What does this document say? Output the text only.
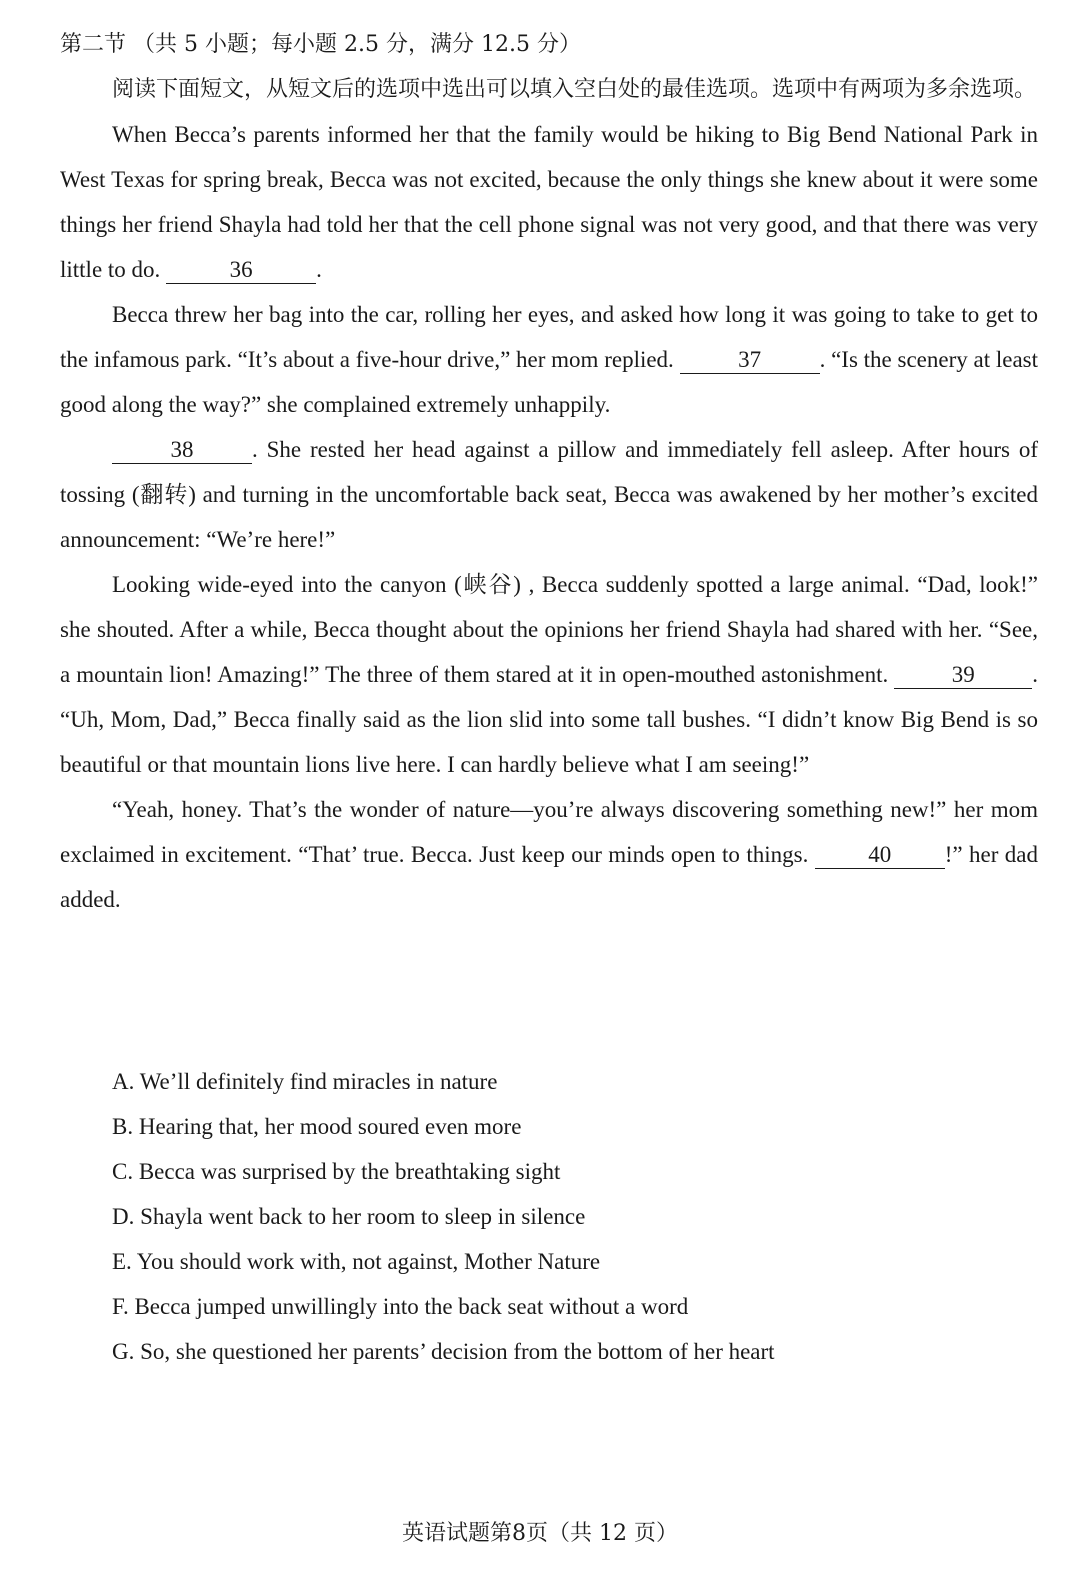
第二节 （共 5 小题；每小题 2.5 分，满分 12.5 分）

阅读下面短文，从短文后的选项中选出可以填入空白处的最佳选项。选项中有两项为多余选项。

When Becca’s parents informed her that the family would be hiking to Big Bend National Park in West Texas for spring break, Becca was not excited, because the only things she knew about it were some things her friend Shayla had told her that the cell phone signal was not very good, and that there was very little to do.	36	.

Becca threw her bag into the car, rolling her eyes, and asked how long it was going to take to get to the infamous park. “It’s about a five-hour drive,” her mom replied.	37	. “Is the scenery at least good along the way?” she complained extremely unhappily.

38	. She rested her head against a pillow and immediately fell asleep. After hours of tossing (翻转) and turning in the uncomfortable back seat, Becca was awakened by her mother’s excited announcement: “We’re here!”

Looking wide-eyed into the canyon (峡谷) , Becca suddenly spotted a large animal. “Dad, look!” she shouted. After a while, Becca thought about the opinions her friend Shayla had shared with her. “See, a mountain lion! Amazing!” The three of them stared at it in open-mouthed astonishment.	39	. “Uh, Mom, Dad,” Becca finally said as the lion slid into some tall bushes. “I didn’t know Big Bend is so beautiful or that mountain lions live here. I can hardly believe what I am seeing!”

“Yeah, honey. That’s the wonder of nature—you’re always discovering something new!” her mom exclaimed in excitement. “That’ true. Becca. Just keep our minds open to things.	40 !” her dad added.

A. We’ll definitely find miracles in nature
B. Hearing that, her mood soured even more
C. Becca was surprised by the breathtaking sight
D. Shayla went back to her room to sleep in silence
E. You should work with, not against, Mother Nature
F. Becca jumped unwillingly into the back seat without a word
G. So, she questioned her parents’ decision from the bottom of her heart
英语试题第8页（共 12 页）
